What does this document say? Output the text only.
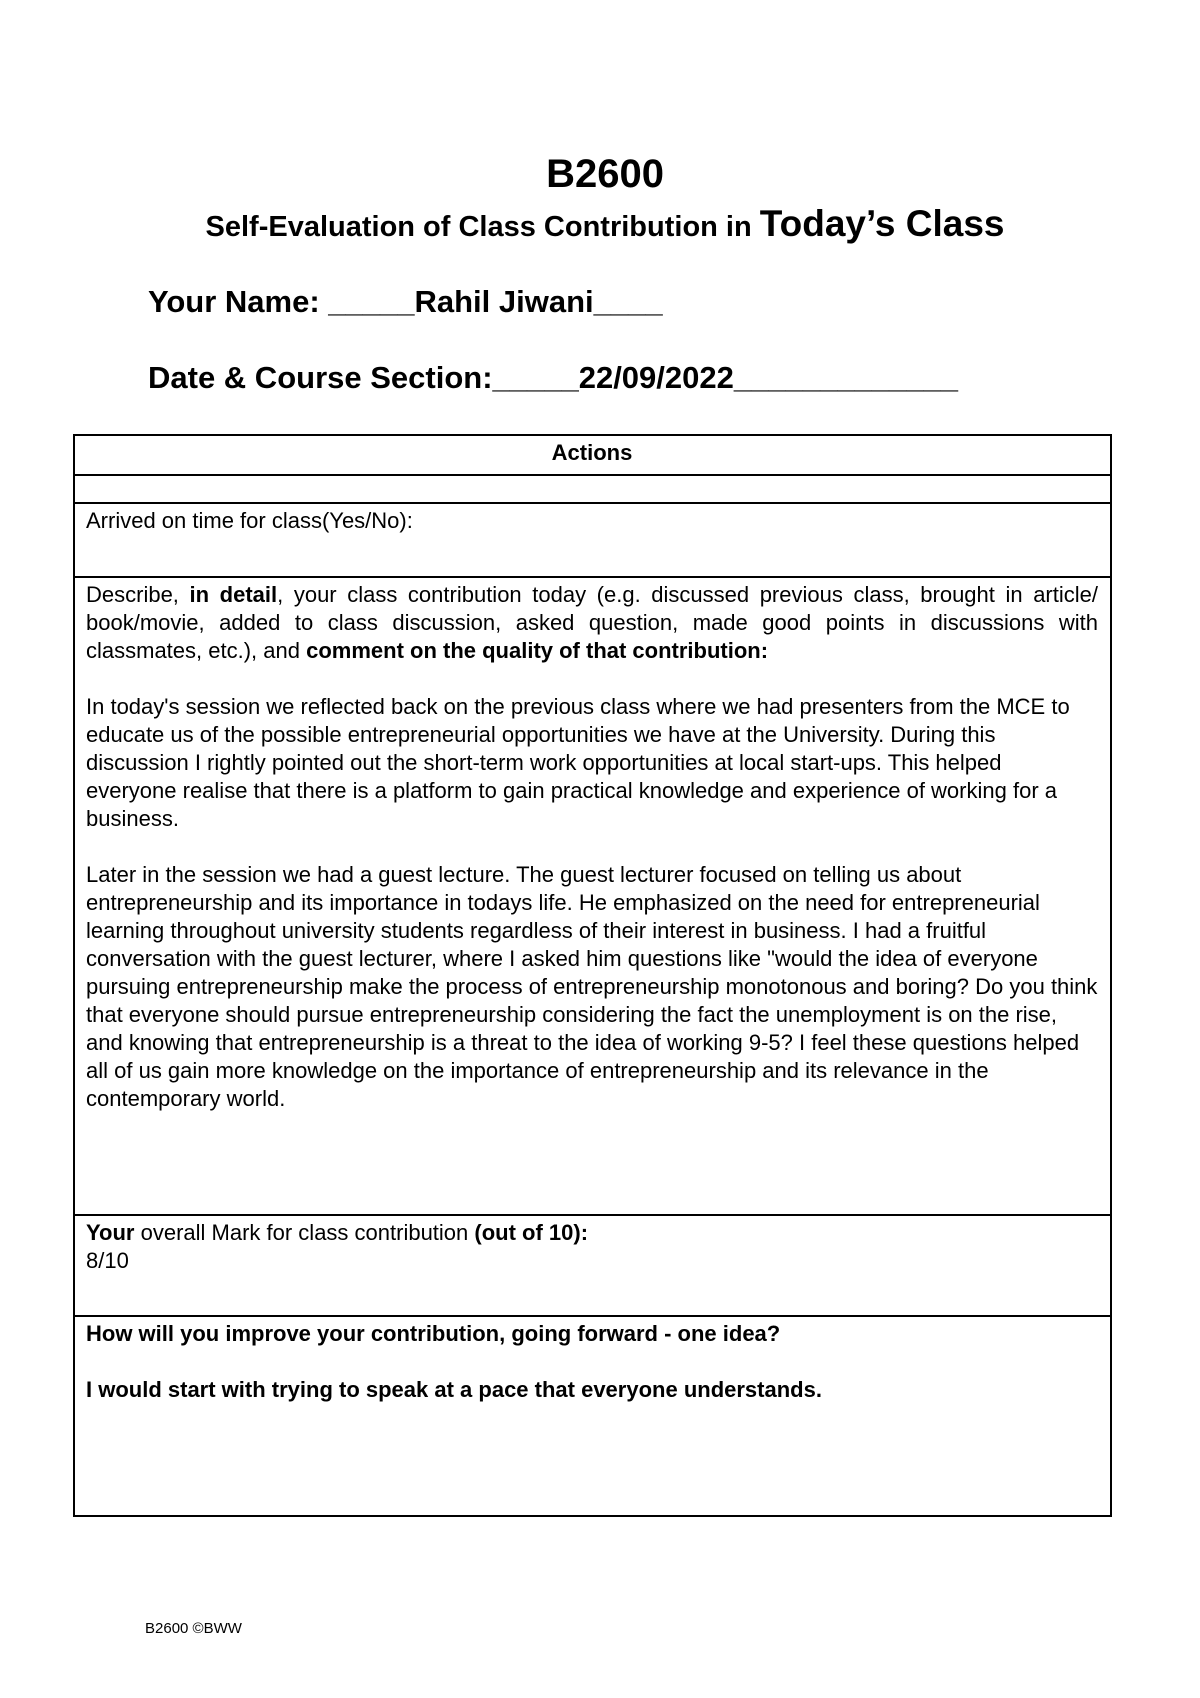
B2600
Self-Evaluation of Class Contribution in Today’s Class
Your Name: _____Rahil Jiwani____
Date & Course Section:_____22/09/2022_____________
Actions

Arrived on time for class(Yes/No):

Describe, in detail, your class contribution today (e.g. discussed previous class, brought in article/ book/movie, added to class discussion, asked question, made good points in discussions with classmates, etc.), and comment on the quality of that contribution:

In today's session we reflected back on the previous class where we had presenters from the MCE to educate us of the possible entrepreneurial opportunities we have at the University. During this discussion I rightly pointed out the short-term work opportunities at local start-ups. This helped everyone realise that there is a platform to gain practical knowledge and experience of working for a business.

Later in the session we had a guest lecture. The guest lecturer focused on telling us about entrepreneurship and its importance in todays life. He emphasized on the need for entrepreneurial learning throughout university students regardless of their interest in business. I had a fruitful conversation with the guest lecturer, where I asked him questions like "would the idea of everyone pursuing entrepreneurship make the process of entrepreneurship monotonous and boring? Do you think that everyone should pursue entrepreneurship considering the fact the unemployment is on the rise, and knowing that entrepreneurship is a threat to the idea of working 9-5? I feel these questions helped all of us gain more knowledge on the importance of entrepreneurship and its relevance in the contemporary world.

Your overall Mark for class contribution (out of 10):

8/10

How will you improve your contribution, going forward - one idea?

I would start with trying to speak at a pace that everyone understands.

B2600 ©BWW
